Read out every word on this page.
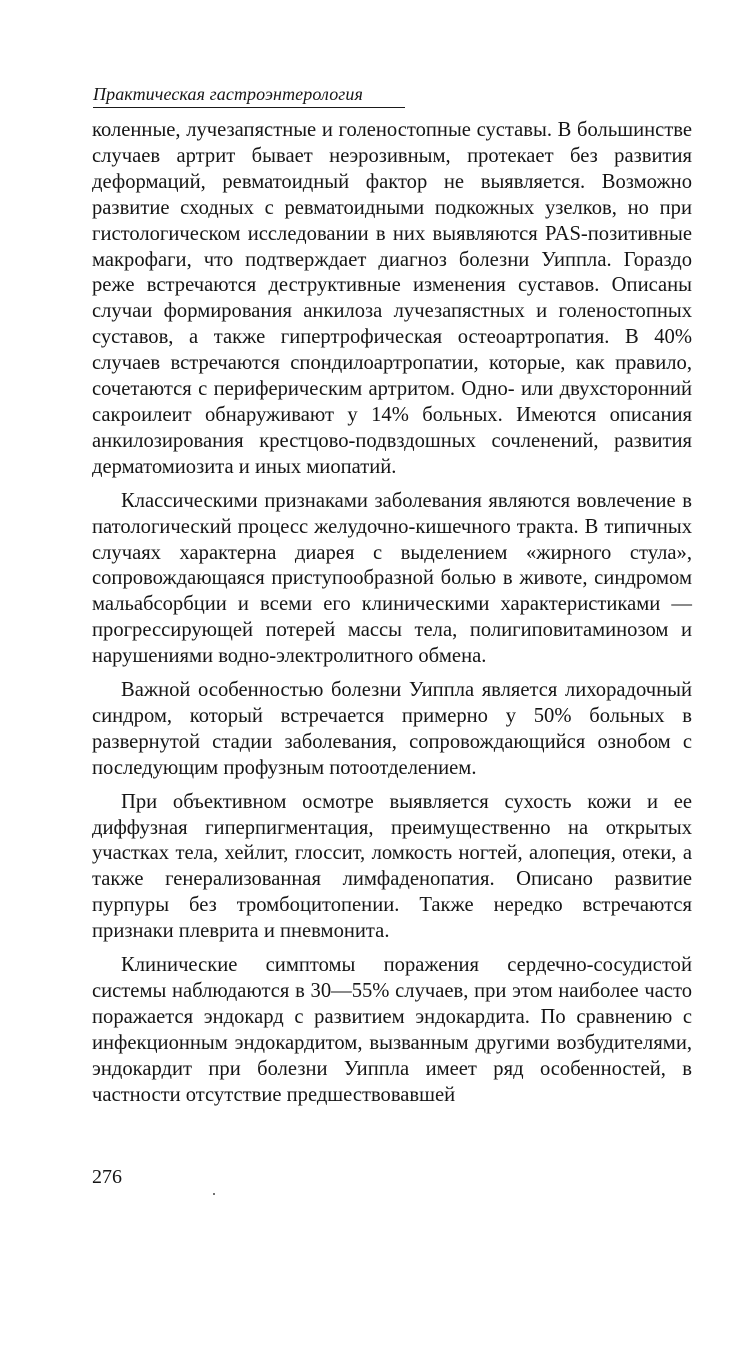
Практическая гастроэнтерология

коленные, лучезапястные и голеностопные суставы. В большинстве случаев артрит бывает неэрозивным, протекает без развития деформаций, ревматоидный фактор не выявляется. Возможно развитие сходных с ревматоидными подкожных узелков, но при гистологическом исследовании в них выявляются PAS-позитивные макрофаги, что подтверждает диагноз болезни Уиппла. Гораздо реже встречаются деструктивные изменения суставов. Описаны случаи формирования анкилоза лучезапястных и голеностопных суставов, а также гипертрофическая остеоартропатия. В 40% случаев встречаются спондилоартропатии, которые, как правило, сочетаются с периферическим артритом. Одно- или двухсторонний сакроилеит обнаруживают у 14% больных. Имеются описания анкилозирования крестцово-подвздошных сочленений, развития дерматомиозита и иных миопатий.

Классическими признаками заболевания являются вовлечение в патологический процесс желудочно-кишечного тракта. В типичных случаях характерна диарея с выделением «жирного стула», сопровождающаяся приступообразной болью в животе, синдромом мальабсорбции и всеми его клиническими характеристиками — прогрессирующей потерей массы тела, полигиповитаминозом и нарушениями водно-электролитного обмена.

Важной особенностью болезни Уиппла является лихорадочный синдром, который встречается примерно у 50% больных в развернутой стадии заболевания, сопровождающийся ознобом с последующим профузным потоотделением.

При объективном осмотре выявляется сухость кожи и ее диффузная гиперпигментация, преимущественно на открытых участках тела, хейлит, глоссит, ломкость ногтей, алопеция, отеки, а также генерализованная лимфаденопатия. Описано развитие пурпуры без тромбоцитопении. Также нередко встречаются признаки плеврита и пневмонита.

Клинические симптомы поражения сердечно-сосудистой системы наблюдаются в 30—55% случаев, при этом наиболее часто поражается эндокард с развитием эндокардита. По сравнению с инфекционным эндокардитом, вызванным другими возбудителями, эндокардит при болезни Уиппла имеет ряд особенностей, в частности отсутствие предшествовавшей

276
